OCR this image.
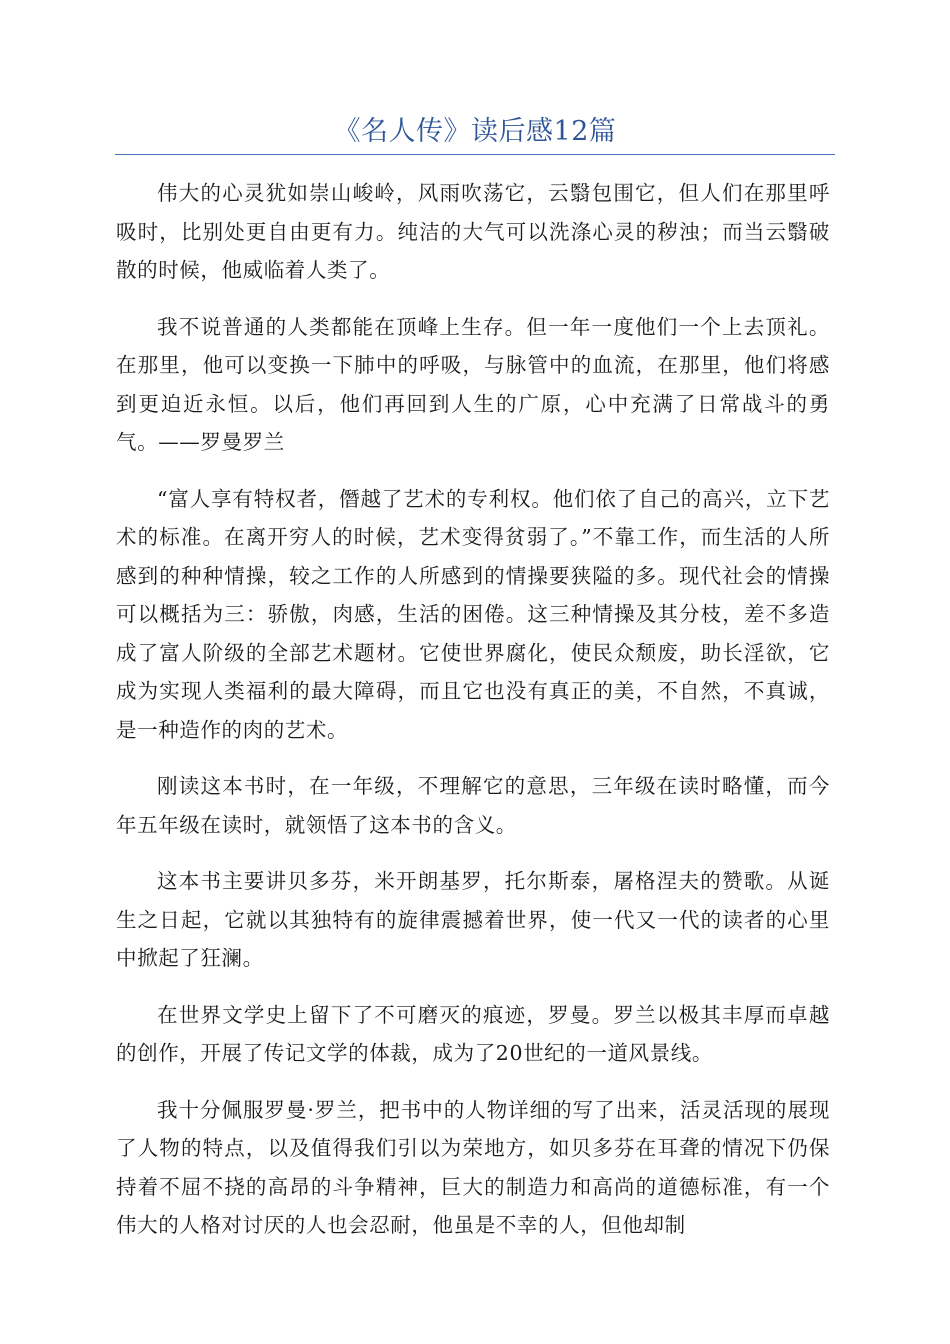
《名人传》读后感12篇

伟大的心灵犹如崇山峻岭，风雨吹荡它，云翳包围它，但人们在那里呼吸时，比别处更自由更有力。纯洁的大气可以洗涤心灵的秽浊；而当云翳破散的时候，他威临着人类了。

我不说普通的人类都能在顶峰上生存。但一年一度他们一个上去顶礼。在那里，他可以变换一下肺中的呼吸，与脉管中的血流，在那里，他们将感到更迫近永恒。以后，他们再回到人生的广原，心中充满了日常战斗的勇气。——罗曼罗兰

“富人享有特权者，僭越了艺术的专利权。他们依了自己的高兴，立下艺术的标准。在离开穷人的时候，艺术变得贫弱了。”不靠工作，而生活的人所感到的种种情操，较之工作的人所感到的情操要狭隘的多。现代社会的情操可以概括为三：骄傲，肉感，生活的困倦。这三种情操及其分枝，差不多造成了富人阶级的全部艺术题材。它使世界腐化，使民众颓废，助长淫欲，它成为实现人类福利的最大障碍，而且它也没有真正的美，不自然，不真诚，是一种造作的肉的艺术。

刚读这本书时，在一年级，不理解它的意思，三年级在读时略懂，而今年五年级在读时，就领悟了这本书的含义。

这本书主要讲贝多芬，米开朗基罗，托尔斯泰，屠格涅夫的赞歌。从诞生之日起，它就以其独特有的旋律震撼着世界，使一代又一代的读者的心里中掀起了狂澜。

在世界文学史上留下了不可磨灭的痕迹，罗曼。罗兰以极其丰厚而卓越的创作，开展了传记文学的体裁，成为了20世纪的一道风景线。

我十分佩服罗曼·罗兰，把书中的人物详细的写了出来，活灵活现的展现了人物的特点，以及值得我们引以为荣地方，如贝多芬在耳聋的情况下仍保持着不屈不挠的高昂的斗争精神，巨大的制造力和高尚的道德标准，有一个伟大的人格对讨厌的人也会忍耐，他虽是不幸的人，但他却制
